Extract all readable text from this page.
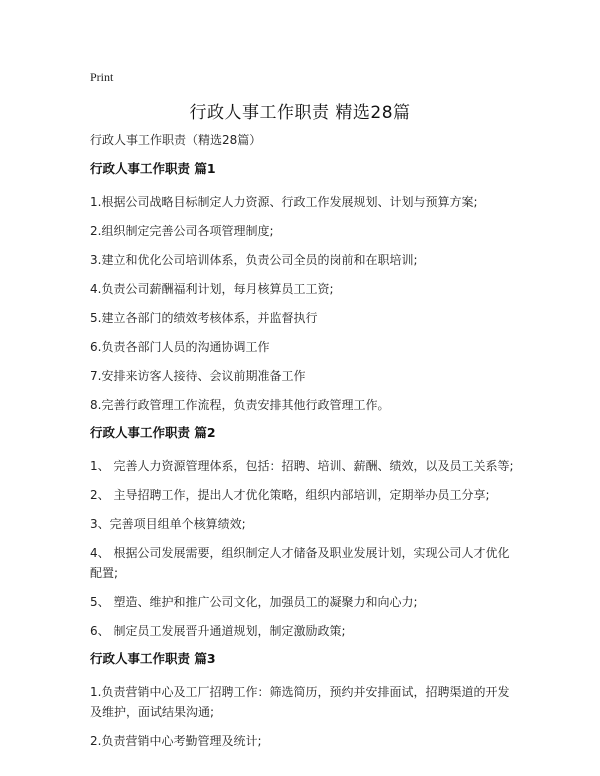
Print
行政人事工作职责 精选28篇
行政人事工作职责（精选28篇）
行政人事工作职责 篇1
1.根据公司战略目标制定人力资源、行政工作发展规划、计划与预算方案;
2.组织制定完善公司各项管理制度;
3.建立和优化公司培训体系，负责公司全员的岗前和在职培训;
4.负责公司薪酬福利计划，每月核算员工工资;
5.建立各部门的绩效考核体系，并监督执行
6.负责各部门人员的沟通协调工作
7.安排来访客人接待、会议前期准备工作
8.完善行政管理工作流程，负责安排其他行政管理工作。
行政人事工作职责 篇2
1、 完善人力资源管理体系，包括：招聘、培训、薪酬、绩效，以及员工关系等;
2、 主导招聘工作，提出人才优化策略，组织内部培训，定期举办员工分享;
3、完善项目组单个核算绩效;
4、 根据公司发展需要，组织制定人才储备及职业发展计划，实现公司人才优化配置;
5、 塑造、维护和推广公司文化，加强员工的凝聚力和向心力;
6、 制定员工发展晋升通道规划，制定激励政策;
行政人事工作职责 篇3
1.负责营销中心及工厂招聘工作：筛选简历，预约并安排面试，招聘渠道的开发及维护，面试结果沟通;
2.负责营销中心考勤管理及统计;
